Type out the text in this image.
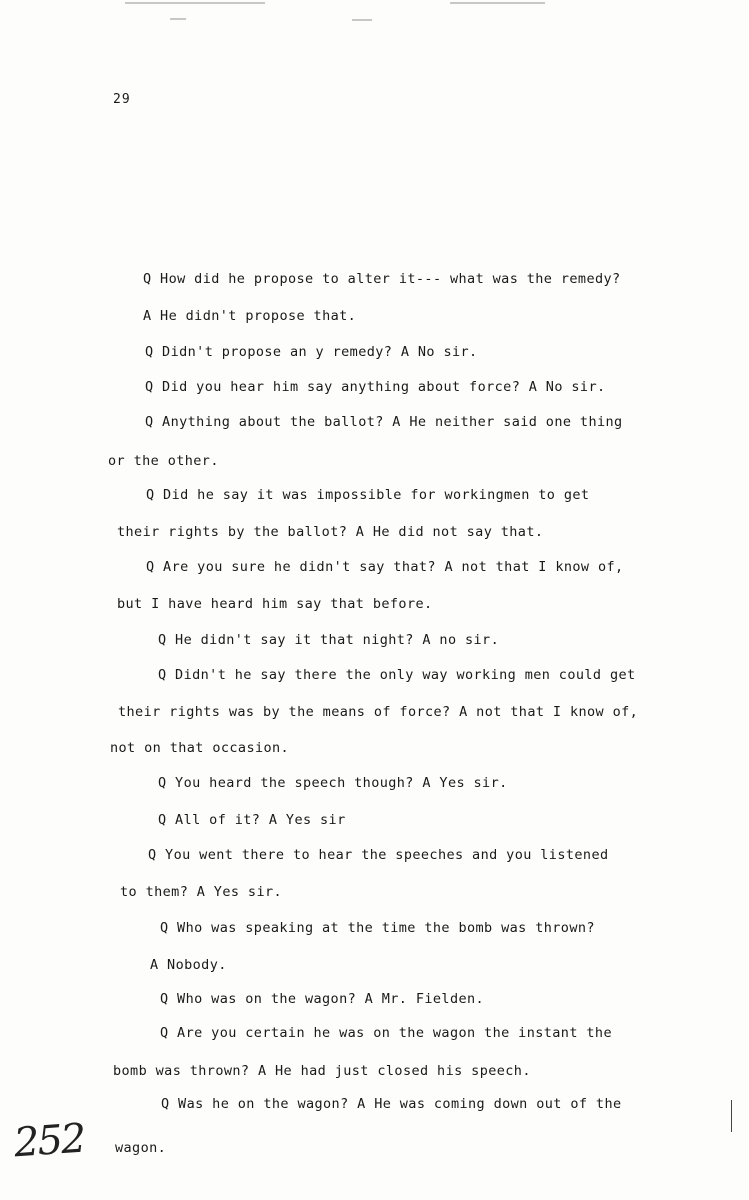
29
Q How did he propose to alter it--- what was the remedy?
A He didn't propose that.
Q Didn't propose an y remedy? A No sir.
Q Did you hear him say anything about force? A No sir.
Q Anything about the ballot? A He neither said one thing
or the other.
Q Did he say it was impossible for workingmen to get
their rights by the ballot? A He did not say that.
Q Are you sure he didn't say that? A not that I know of,
but I have heard him say that before.
Q He didn't say it that night? A no sir.
Q Didn't he say there the only way working men could get
their rights was by the means of force? A not that I know of,
not on that occasion.
Q You heard the speech though? A Yes sir.
Q All of it? A Yes sir
Q You went there to hear the speeches and you listened
to them? A Yes sir.
Q Who was speaking at the time the bomb was thrown?
A Nobody.
Q Who was on the wagon? A Mr. Fielden.
Q Are you certain he was on the wagon the instant the
bomb was thrown? A He had just closed his speech.
Q Was he on the wagon? A He was coming down out of the
wagon.
252
